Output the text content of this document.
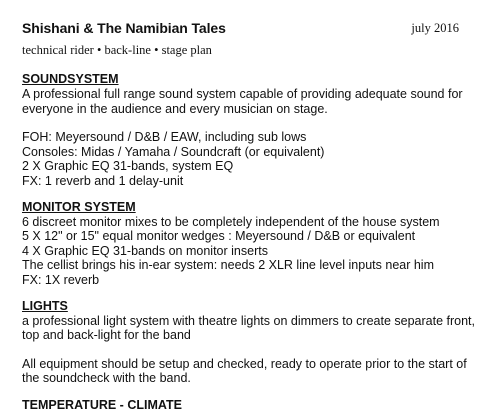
Shishani & The Namibian Tales	july 2016
technical rider • back-line • stage plan
SOUNDSYSTEM
A professional full range sound system capable of providing adequate sound for
everyone in the audience and every musician on stage.
FOH: Meyersound / D&B / EAW, including sub lows
Consoles: Midas / Yamaha / Soundcraft (or equivalent)
2 X Graphic EQ 31-bands, system EQ
FX: 1 reverb and 1 delay-unit
MONITOR SYSTEM
6 discreet monitor mixes to be completely independent of the house system
5 X 12" or 15" equal monitor wedges : Meyersound / D&B or equivalent
4 X Graphic EQ 31-bands on monitor inserts
The cellist brings his in-ear system: needs 2 XLR line level inputs near him
FX: 1X reverb
LIGHTS
a professional light system with theatre lights on dimmers to create separate front,
top and back-light for the band
All equipment should be setup and checked, ready to operate prior to the start of
the soundcheck with the band.
TEMPERATURE - CLIMATE
